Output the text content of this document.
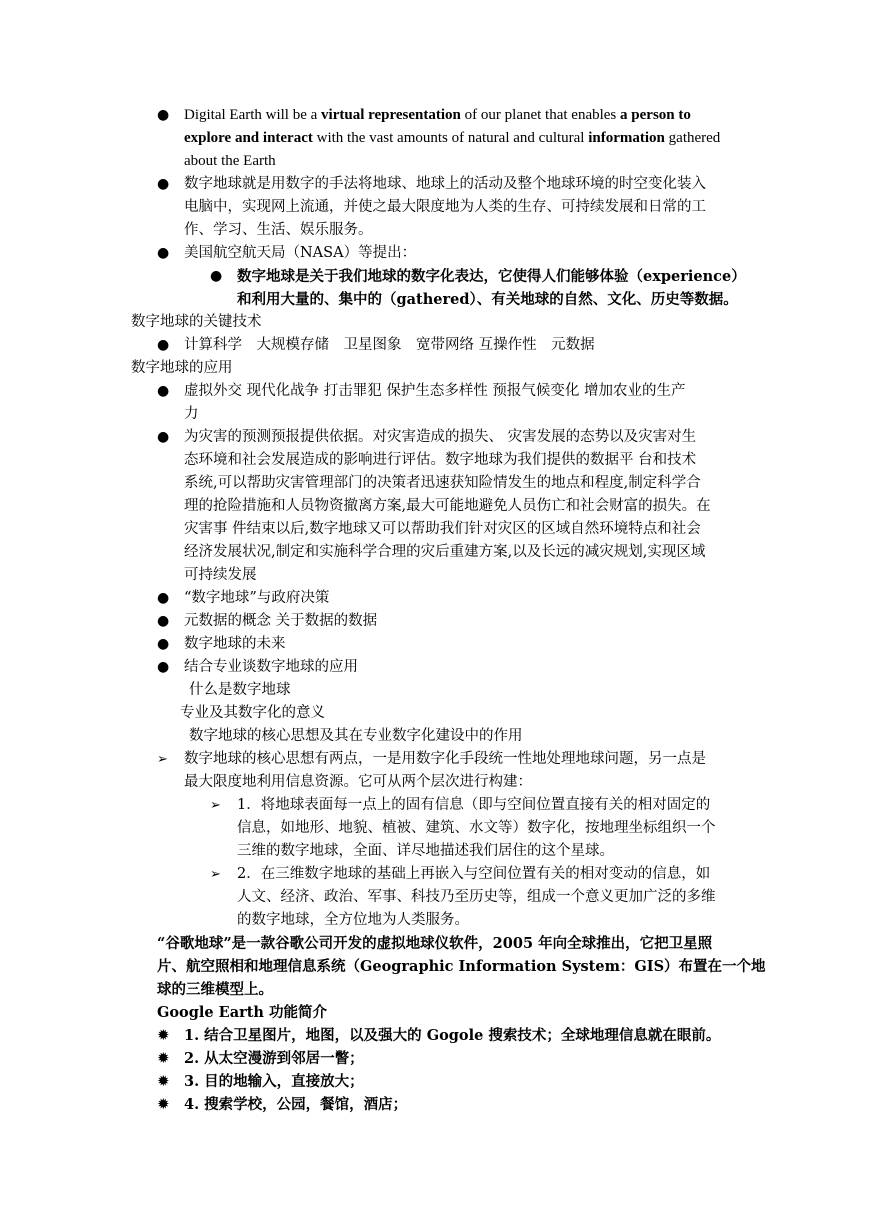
● Digital Earth will be a virtual representation of our planet that enables a person to
explore and interact with the vast amounts of natural and cultural information gathered
about the Earth
● 数字地球就是用数字的手法将地球、地球上的活动及整个地球环境的时空变化装入
电脑中，实现网上流通，并使之最大限度地为人类的生存、可持续发展和日常的工
作、学习、生活、娱乐服务。
● 美国航空航天局（NASA）等提出：
● 数字地球是关于我们地球的数字化表达，它使得人们能够体验（experience）
和利用大量的、集中的（gathered）、有关地球的自然、文化、历史等数据。
数字地球的关键技术
● 计算科学　大规模存储　卫星图象　宽带网络 互操作性　元数据
数字地球的应用
● 虚拟外交 现代化战争 打击罪犯 保护生态多样性 预报气候变化 增加农业的生产
力
● 为灾害的预测预报提供依据。对灾害造成的损失、 灾害发展的态势以及灾害对生
态环境和社会发展造成的影响进行评估。数字地球为我们提供的数据平 台和技术
系统,可以帮助灾害管理部门的决策者迅速获知险情发生的地点和程度,制定科学合
理的抢险措施和人员物资撤离方案,最大可能地避免人员伤亡和社会财富的损失。在
灾害事 件结束以后,数字地球又可以帮助我们针对灾区的区域自然环境特点和社会
经济发展状况,制定和实施科学合理的灾后重建方案,以及长远的减灾规划,实现区域
可持续发展
● “数字地球”与政府决策
● 元数据的概念 关于数据的数据
● 数字地球的未来
● 结合专业谈数字地球的应用
什么是数字地球
专业及其数字化的意义
数字地球的核心思想及其在专业数字化建设中的作用
➢ 数字地球的核心思想有两点，一是用数字化手段统一性地处理地球问题，另一点是
最大限度地利用信息资源。它可从两个层次进行构建：
➢ 1．将地球表面每一点上的固有信息（即与空间位置直接有关的相对固定的
信息，如地形、地貌、植被、建筑、水文等）数字化，按地理坐标组织一个
三维的数字地球，全面、详尽地描述我们居住的这个星球。
➢ 2．在三维数字地球的基础上再嵌入与空间位置有关的相对变动的信息，如
人文、经济、政治、军事、科技乃至历史等，组成一个意义更加广泛的多维
的数字地球，全方位地为人类服务。
“谷歌地球”是一款谷歌公司开发的虚拟地球仪软件，2005 年向全球推出，它把卫星照
片、航空照相和地理信息系统（Geographic Information System：GIS）布置在一个地
球的三维模型上。
Google Earth 功能简介
✹ 1. 结合卫星图片，地图，以及强大的 Gogole 搜索技术；全球地理信息就在眼前。
✹ 2. 从太空漫游到邻居一瞥；
✹ 3. 目的地输入，直接放大；
✹ 4. 搜索学校，公园，餐馆，酒店；
